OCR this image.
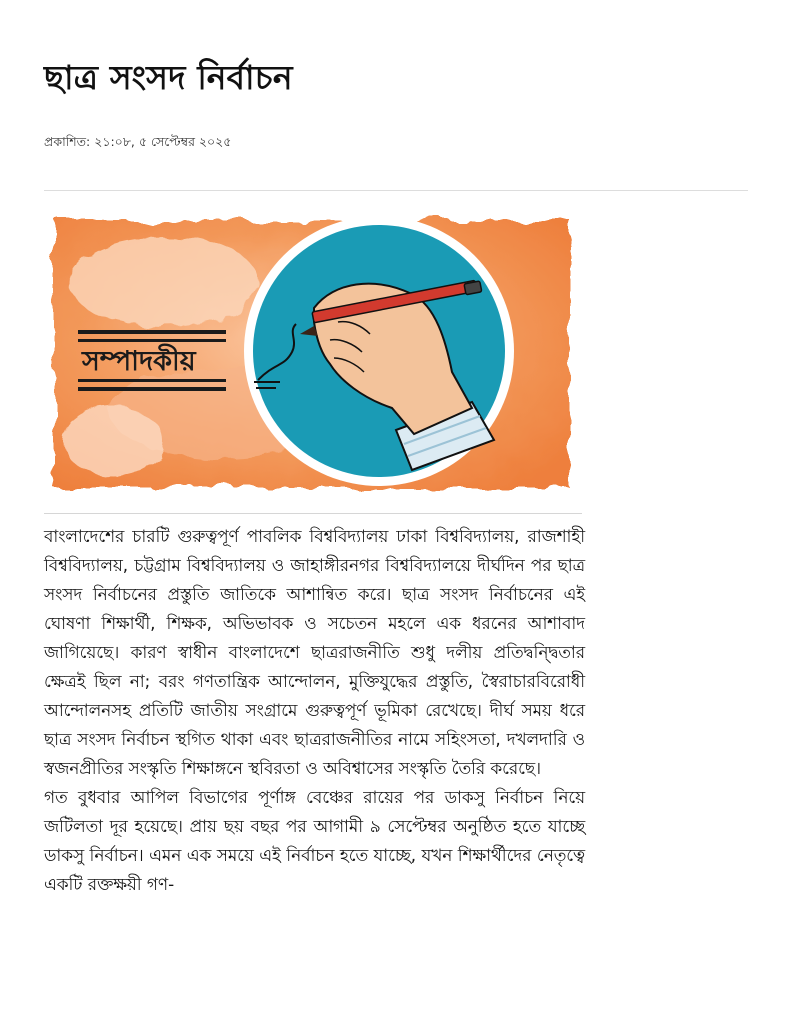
ছাত্র সংসদ নির্বাচন
প্রকাশিত: ২১:০৮, ৫ সেপ্টেম্বর ২০২৫
সম্পাদকীয়

বাংলাদেশের চারটি গুরুত্বপূর্ণ পাবলিক বিশ্ববিদ্যালয় ঢাকা বিশ্ববিদ্যালয়, রাজশাহী বিশ্ববিদ্যালয়, চট্টগ্রাম বিশ্ববিদ্যালয় ও জাহাঙ্গীরনগর বিশ্ববিদ্যালয়ে দীর্ঘদিন পর ছাত্র সংসদ নির্বাচনের প্রস্তুতি জাতিকে আশান্বিত করে। ছাত্র সংসদ নির্বাচনের এই ঘোষণা শিক্ষার্থী, শিক্ষক, অভিভাবক ও সচেতন মহলে এক ধরনের আশাবাদ জাগিয়েছে। কারণ স্বাধীন বাংলাদেশে ছাত্ররাজনীতি শুধু দলীয় প্রতিদ্বন্দ্বিতার ক্ষেত্রই ছিল না; বরং গণতান্ত্রিক আন্দোলন, মুক্তিযুদ্ধের প্রস্তুতি, স্বৈরাচারবিরোধী আন্দোলনসহ প্রতিটি জাতীয় সংগ্রামে গুরুত্বপূর্ণ ভূমিকা রেখেছে। দীর্ঘ সময় ধরে ছাত্র সংসদ নির্বাচন স্থগিত থাকা এবং ছাত্ররাজনীতির নামে সহিংসতা, দখলদারি ও স্বজনপ্রীতির সংস্কৃতি শিক্ষাঙ্গনে স্থবিরতা ও অবিশ্বাসের সংস্কৃতি তৈরি করেছে।

গত বুধবার আপিল বিভাগের পূর্ণাঙ্গ বেঞ্চের রায়ের পর ডাকসু নির্বাচন নিয়ে জটিলতা দূর হয়েছে। প্রায় ছয় বছর পর আগামী ৯ সেপ্টেম্বর অনুষ্ঠিত হতে যাচ্ছে ডাকসু নির্বাচন। এমন এক সময়ে এই নির্বাচন হতে যাচ্ছে, যখন শিক্ষার্থীদের নেতৃত্বে একটি রক্তক্ষয়ী গণ-
